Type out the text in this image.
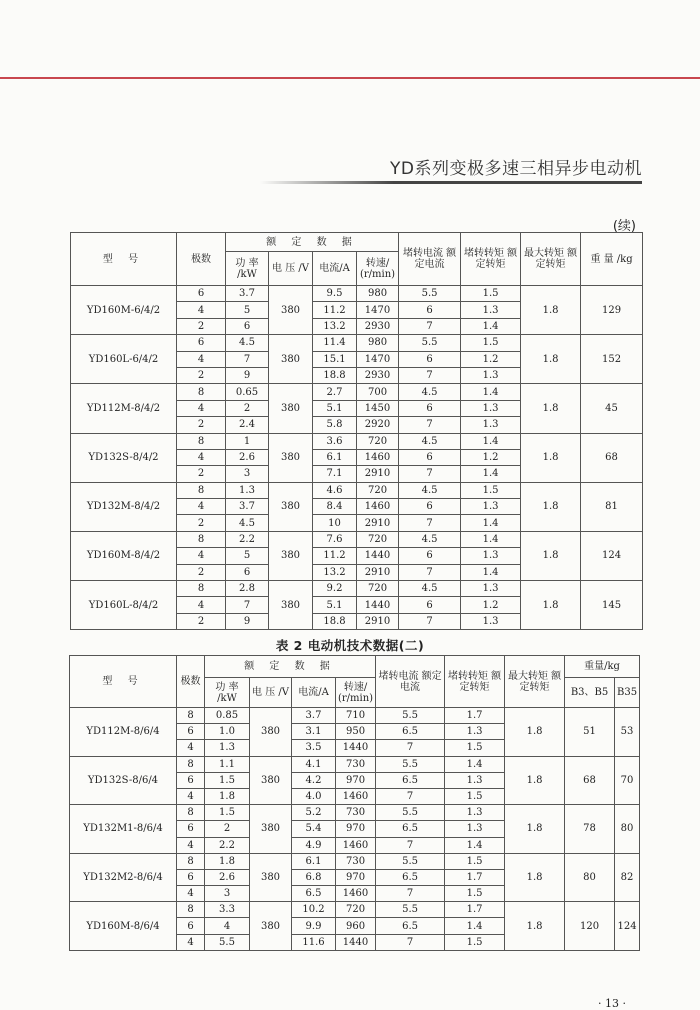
YD系列变极多速三相异步电动机
(续)
型 号	极数	额 定 数 据				堵转电流 额定电流	堵转转矩 额定转矩	最大转矩 额定转矩	重 量 /kg
		功 率 /kW	电 压 /V	电流/A	转速/ (r/min)				
YD160M-6/4/2	6	3.7	380	9.5	980	5.5	1.5	1.8	129
	4	5		11.2	1470	6	1.3		
	2	6		13.2	2930	7	1.4		
YD160L-6/4/2	6	4.5	380	11.4	980	5.5	1.5	1.8	152
	4	7		15.1	1470	6	1.2		
	2	9		18.8	2930	7	1.3		
YD112M-8/4/2	8	0.65	380	2.7	700	4.5	1.4	1.8	45
	4	2		5.1	1450	6	1.3		
	2	2.4		5.8	2920	7	1.3		
YD132S-8/4/2	8	1	380	3.6	720	4.5	1.4	1.8	68
	4	2.6		6.1	1460	6	1.2		
	2	3		7.1	2910	7	1.4		
YD132M-8/4/2	8	1.3	380	4.6	720	4.5	1.5	1.8	81
	4	3.7		8.4	1460	6	1.3		
	2	4.5		10	2910	7	1.4		
YD160M-8/4/2	8	2.2	380	7.6	720	4.5	1.4	1.8	124
	4	5		11.2	1440	6	1.3		
	2	6		13.2	2910	7	1.4		
YD160L-8/4/2	8	2.8	380	9.2	720	4.5	1.3	1.8	145
	4	7		5.1	1440	6	1.2		
	2	9		18.8	2910	7	1.3		
表 2 电动机技术数据(二)
型 号	极数	额 定 数 据				堵转电流 额定电流	堵转转矩 额定转矩	最大转矩 额定转矩	重量/kg	
		功 率 /kW	电 压 /V	电流/A	转速/ (r/min)				B3、B5	B35
YD112M-8/6/4	8	0.85	380	3.7	710	5.5	1.7	1.8	51	53
	6	1.0		3.1	950	6.5	1.3			
	4	1.3		3.5	1440	7	1.5			
YD132S-8/6/4	8	1.1	380	4.1	730	5.5	1.4	1.8	68	70
	6	1.5		4.2	970	6.5	1.3			
	4	1.8		4.0	1460	7	1.5			
YD132M1-8/6/4	8	1.5	380	5.2	730	5.5	1.3	1.8	78	80
	6	2		5.4	970	6.5	1.3			
	4	2.2		4.9	1460	7	1.4			
YD132M2-8/6/4	8	1.8	380	6.1	730	5.5	1.5	1.8	80	82
	6	2.6		6.8	970	6.5	1.7			
	4	3		6.5	1460	7	1.5			
YD160M-8/6/4	8	3.3	380	10.2	720	5.5	1.7	1.8	120	124
	6	4		9.9	960	6.5	1.4			
	4	5.5		11.6	1440	7	1.5			
· 13 ·
